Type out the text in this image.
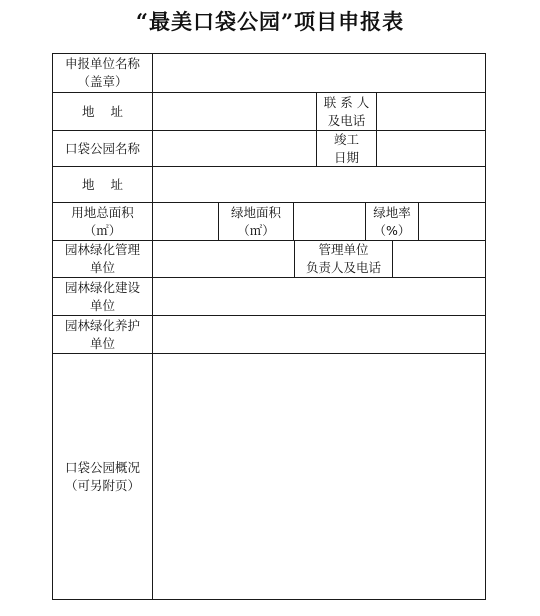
“最美口袋公园”项目申报表
申报单位名称
（盖章）
地    址
联 系 人
及电话
口袋公园名称
竣工
日期
地    址
用地总面积
（㎡）
绿地面积
（㎡）
绿地率
（%）
园林绿化管理
单位
管理单位
负责人及电话
园林绿化建设
单位
园林绿化养护
单位
口袋公园概况
（可另附页）
